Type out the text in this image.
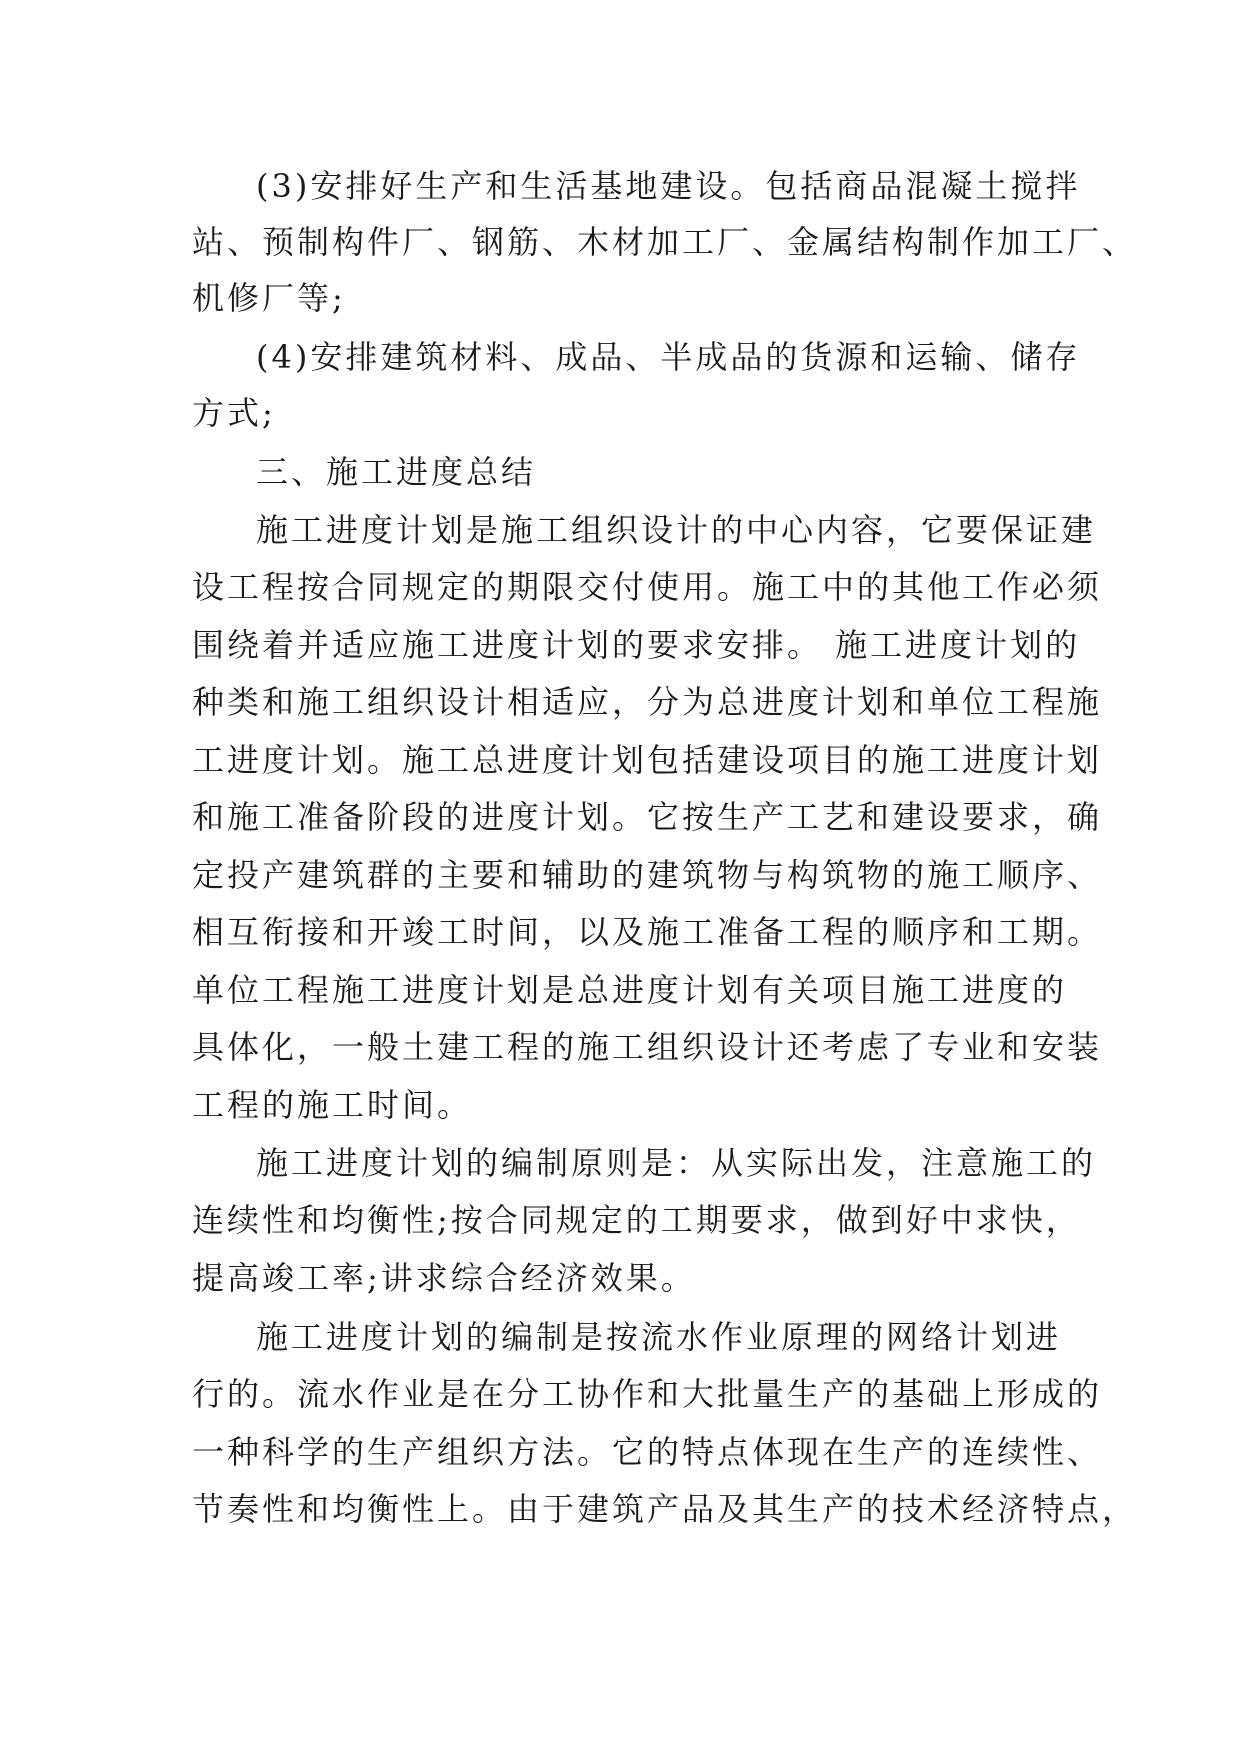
(3)安排好生产和生活基地建设。包括商品混凝土搅拌
站、预制构件厂、钢筋、木材加工厂、金属结构制作加工厂、
机修厂等;
(4)安排建筑材料、成品、半成品的货源和运输、储存
方式;
三、施工进度总结
施工进度计划是施工组织设计的中心内容，它要保证建
设工程按合同规定的期限交付使用。施工中的其他工作必须
围绕着并适应施工进度计划的要求安排。 施工进度计划的
种类和施工组织设计相适应，分为总进度计划和单位工程施
工进度计划。施工总进度计划包括建设项目的施工进度计划
和施工准备阶段的进度计划。它按生产工艺和建设要求，确
定投产建筑群的主要和辅助的建筑物与构筑物的施工顺序、
相互衔接和开竣工时间，以及施工准备工程的顺序和工期。
单位工程施工进度计划是总进度计划有关项目施工进度的
具体化，一般土建工程的施工组织设计还考虑了专业和安装
工程的施工时间。
施工进度计划的编制原则是：从实际出发，注意施工的
连续性和均衡性;按合同规定的工期要求，做到好中求快，
提高竣工率;讲求综合经济效果。
施工进度计划的编制是按流水作业原理的网络计划进
行的。流水作业是在分工协作和大批量生产的基础上形成的
一种科学的生产组织方法。它的特点体现在生产的连续性、
节奏性和均衡性上。由于建筑产品及其生产的技术经济特点，
